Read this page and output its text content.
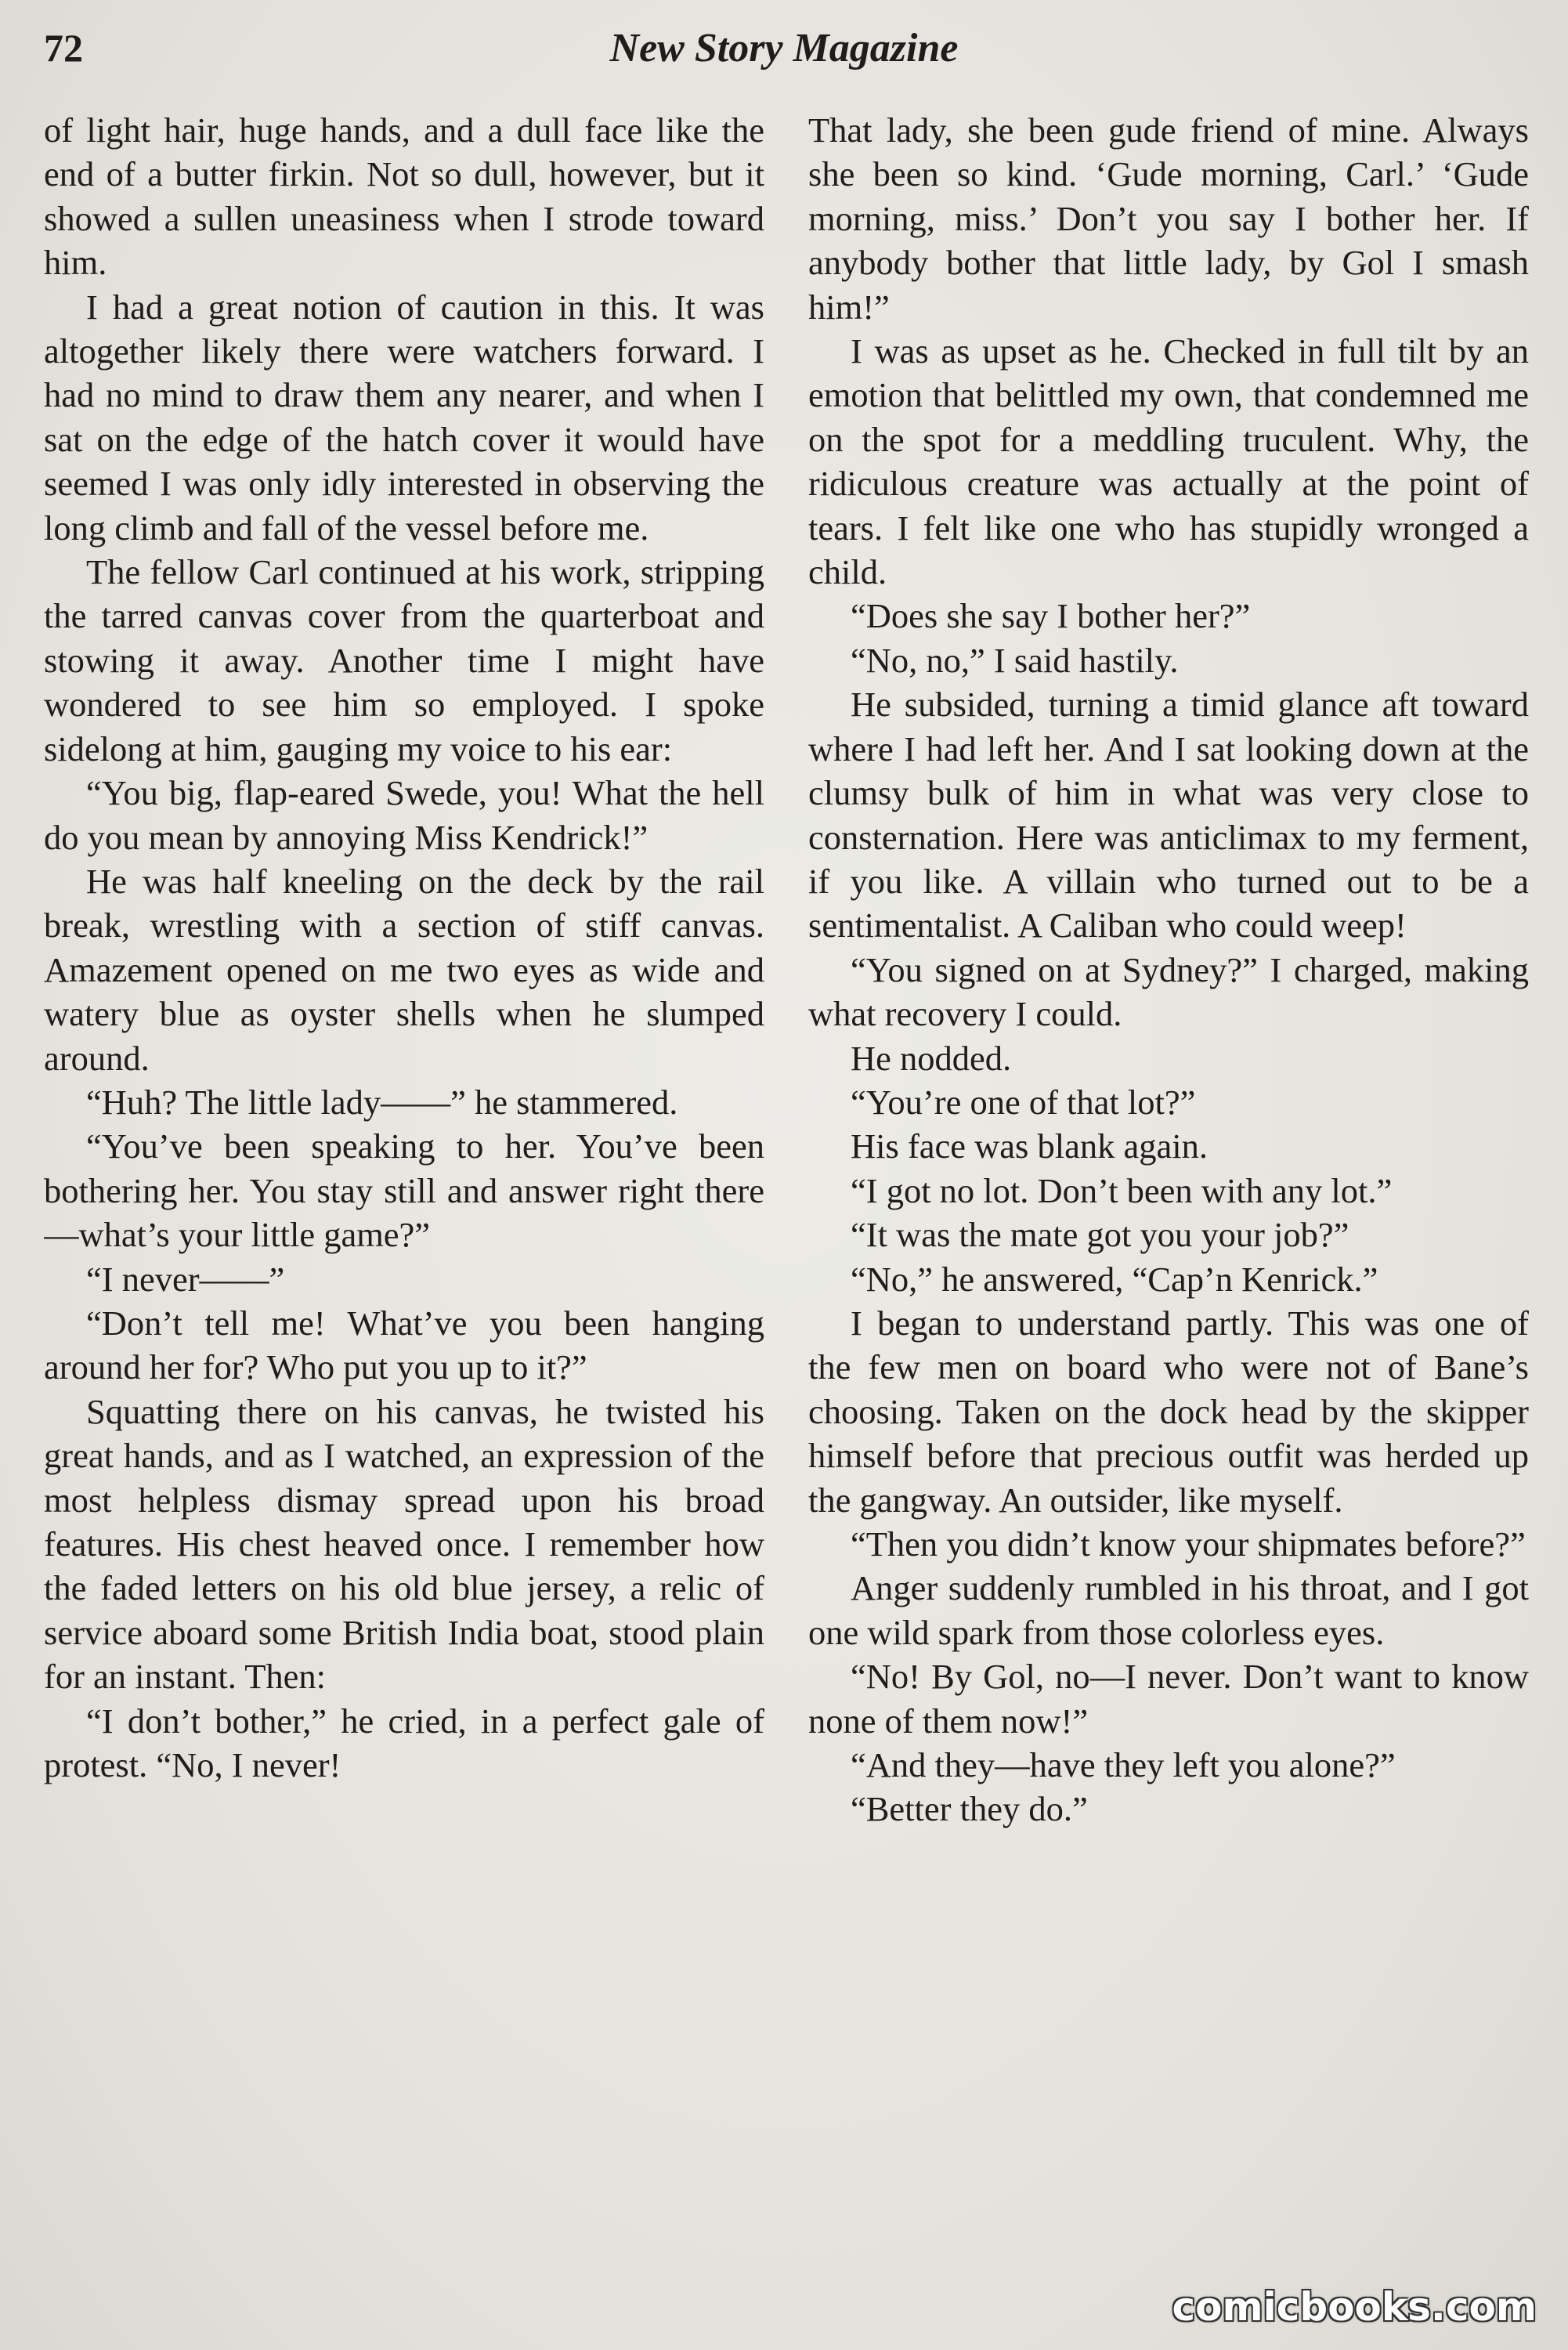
72	New Story Magazine

of light hair, huge hands, and a dull face like the end of a butter firkin. Not so dull, however, but it showed a sullen uneasiness when I strode toward him.

I had a great notion of caution in this. It was altogether likely there were watchers forward. I had no mind to draw them any nearer, and when I sat on the edge of the hatch cover it would have seemed I was only idly interested in observing the long climb and fall of the vessel before me.

The fellow Carl continued at his work, stripping the tarred canvas cover from the quarterboat and stowing it away. Another time I might have wondered to see him so employed. I spoke sidelong at him, gauging my voice to his ear:

“You big, flap-eared Swede, you! What the hell do you mean by annoying Miss Kendrick!”

He was half kneeling on the deck by the rail break, wrestling with a section of stiff canvas. Amazement opened on me two eyes as wide and watery blue as oyster shells when he slumped around.

“Huh? The little lady——” he stammered.

“You’ve been speaking to her. You’ve been bothering her. You stay still and answer right there—what’s your little game?”

“I never——”

“Don’t tell me! What’ve you been hanging around her for? Who put you up to it?”

Squatting there on his canvas, he twisted his great hands, and as I watched, an expression of the most helpless dismay spread upon his broad features. His chest heaved once. I remember how the faded letters on his old blue jersey, a relic of service aboard some British India boat, stood plain for an instant. Then:

“I don’t bother,” he cried, in a perfect gale of protest. “No, I never!

That lady, she been gude friend of mine. Always she been so kind. ‘Gude morning, Carl.’ ‘Gude morning, miss.’ Don’t you say I bother her. If anybody bother that little lady, by Gol I smash him!”

I was as upset as he. Checked in full tilt by an emotion that belittled my own, that condemned me on the spot for a meddling truculent. Why, the ridiculous creature was actually at the point of tears. I felt like one who has stupidly wronged a child.

“Does she say I bother her?”

“No, no,” I said hastily.

He subsided, turning a timid glance aft toward where I had left her. And I sat looking down at the clumsy bulk of him in what was very close to consternation. Here was anticlimax to my ferment, if you like. A villain who turned out to be a sentimentalist. A Caliban who could weep!

“You signed on at Sydney?” I charged, making what recovery I could.

He nodded.

“You’re one of that lot?”

His face was blank again.

“I got no lot. Don’t been with any lot.”

“It was the mate got you your job?”

“No,” he answered, “Cap’n Kenrick.”

I began to understand partly. This was one of the few men on board who were not of Bane’s choosing. Taken on the dock head by the skipper himself before that precious outfit was herded up the gangway. An outsider, like myself.

“Then you didn’t know your shipmates before?”

Anger suddenly rumbled in his throat, and I got one wild spark from those colorless eyes.

“No! By Gol, no—I never. Don’t want to know none of them now!”

“And they—have they left you alone?”

“Better they do.”

comicbooks.com
